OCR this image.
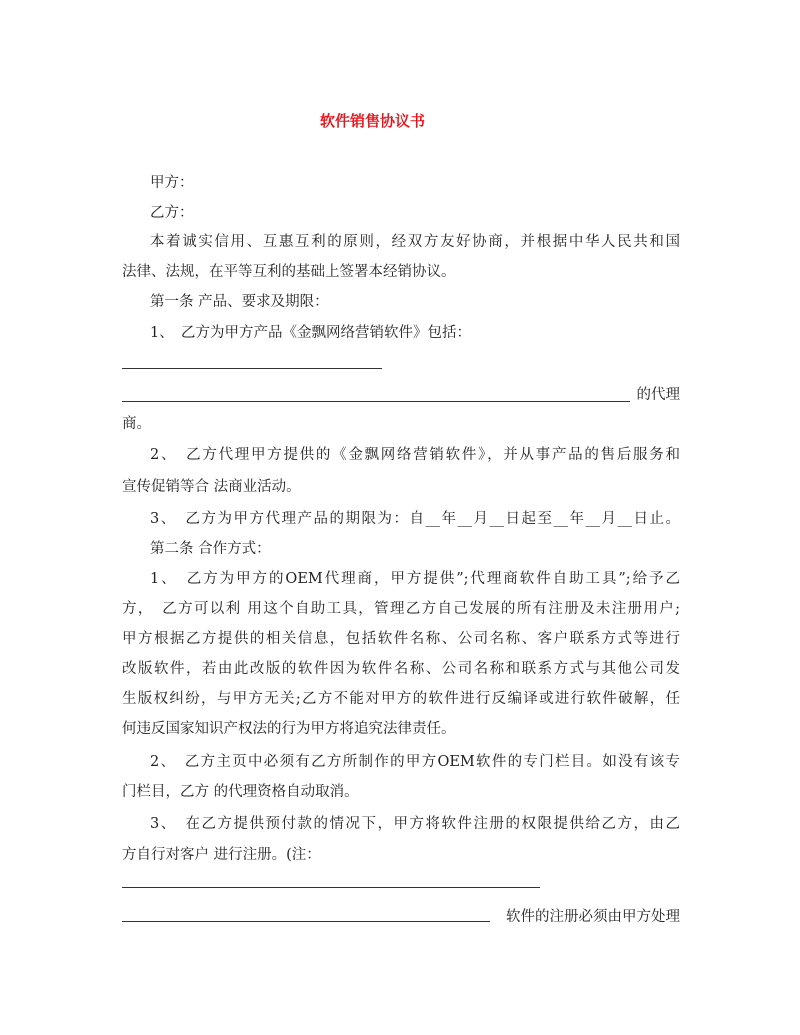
软件销售协议书
甲方：
乙方：
本着诚实信用、互惠互利的原则，经双方友好协商，并根据中华人民共和国
法律、法规，在平等互利的基础上签署本经销协议。
第一条 产品、要求及期限：
1、　乙方为甲方产品《金飘网络营销软件》包括：
的代理
商。
2、　乙方代理甲方提供的《金飘网络营销软件》，并从事产品的售后服务和
宣传促销等合 法商业活动。
3、　乙方为甲方代理产品的期限为：自__年__月__日起至__年__月__日止。
第二条 合作方式：
1、　乙方为甲方的OEM代理商，甲方提供”;代理商软件自助工具”;给予乙
方，　乙方可以利 用这个自助工具，管理乙方自己发展的所有注册及未注册用户;
甲方根据乙方提供的相关信息，包括软件名称、公司名称、客户联系方式等进行
改版软件，若由此改版的软件因为软件名称、公司名称和联系方式与其他公司发
生版权纠纷，与甲方无关;乙方不能对甲方的软件进行反编译或进行软件破解，任
何违反国家知识产权法的行为甲方将追究法律责任。
2、　乙方主页中必须有乙方所制作的甲方OEM软件的专门栏目。如没有该专
门栏目，乙方 的代理资格自动取消。
3、　在乙方提供预付款的情况下，甲方将软件注册的权限提供给乙方，由乙
方自行对客户 进行注册。(注：
软件的注册必须由甲方处理
